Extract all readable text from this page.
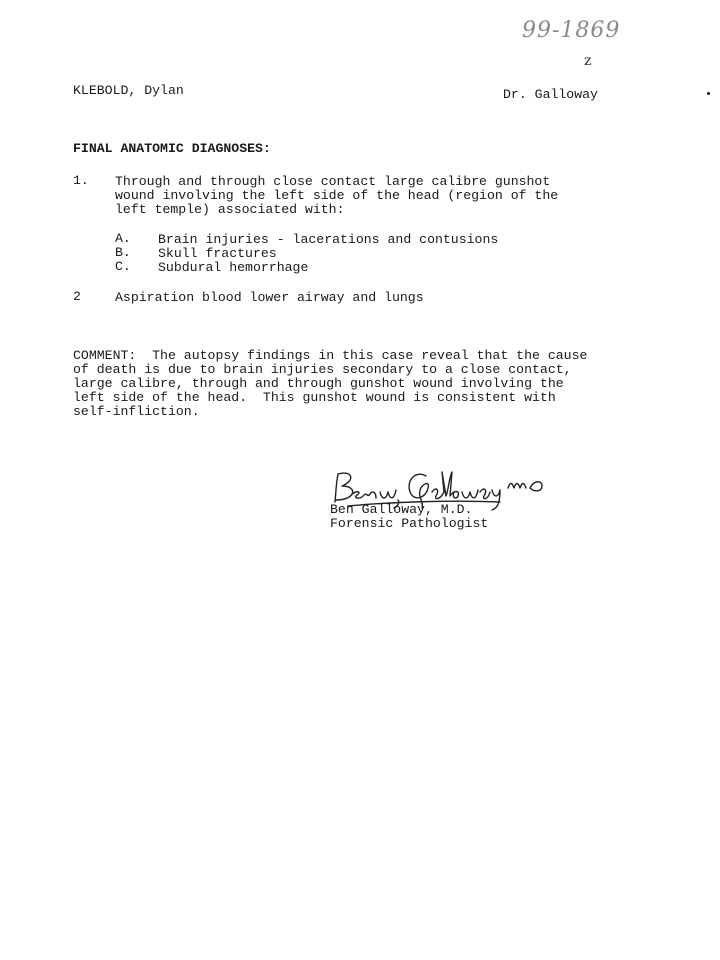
99-1869
z
KLEBOLD, Dylan	Dr. Galloway
FINAL ANATOMIC DIAGNOSES:
1. Through and through close contact large calibre gunshot
wound involving the left side of the head (region of the
left temple) associated with:
A. Brain injuries - lacerations and contusions
B. Skull fractures
C. Subdural hemorrhage
2	Aspiration blood lower airway and lungs
COMMENT:  The autopsy findings in this case reveal that the cause
of death is due to brain injuries secondary to a close contact,
large calibre, through and through gunshot wound involving the
left side of the head.  This gunshot wound is consistent with
self-infliction.
Ben Galloway, M.D.
Forensic Pathologist
